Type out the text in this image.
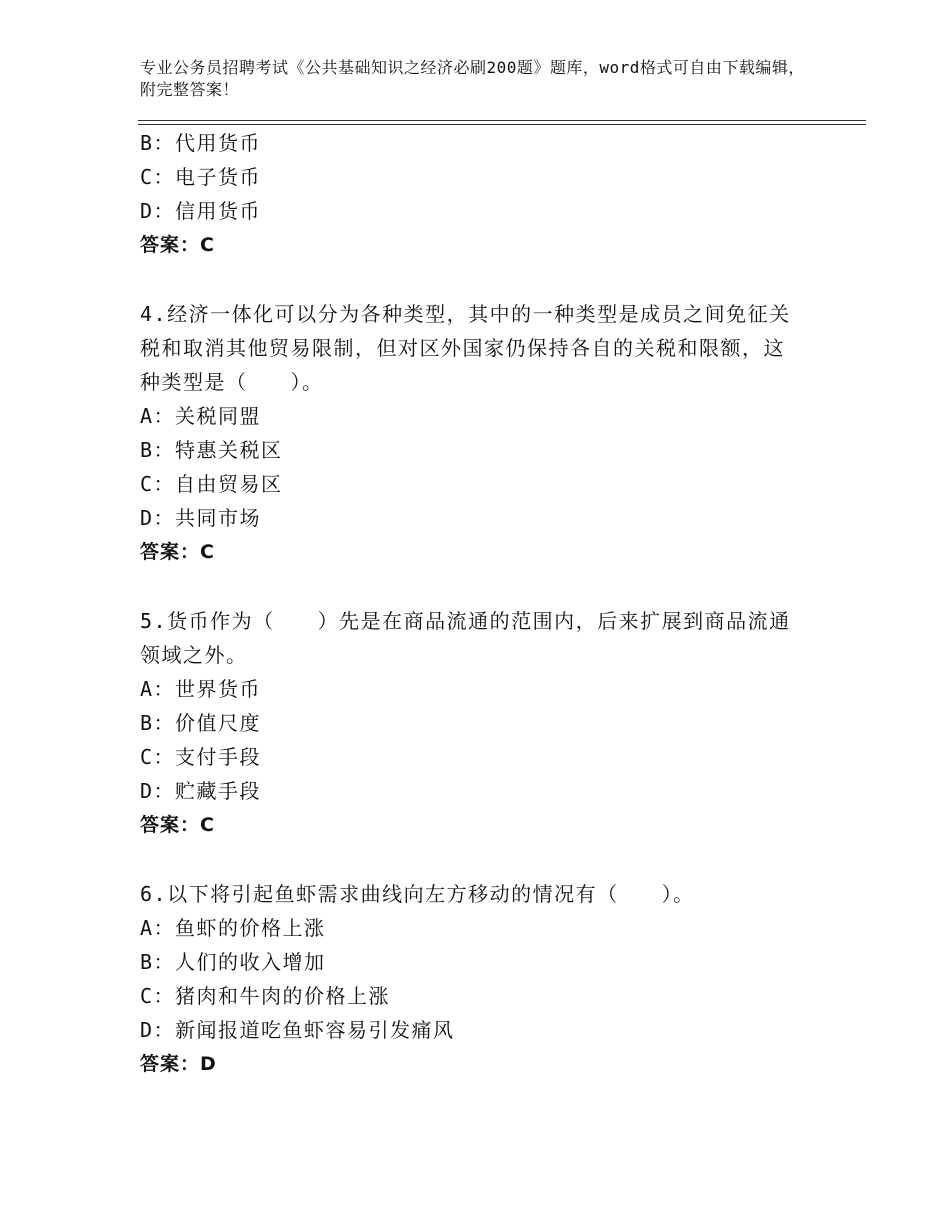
专业公务员招聘考试《公共基础知识之经济必刷200题》题库，word格式可自由下载编辑，附完整答案！
B：代用货币
C：电子货币
D：信用货币
答案：C
4.经济一体化可以分为各种类型，其中的一种类型是成员之间免征关税和取消其他贸易限制，但对区外国家仍保持各自的关税和限额，这种类型是（　　）。
A：关税同盟
B：特惠关税区
C：自由贸易区
D：共同市场
答案：C
5.货币作为（　　）先是在商品流通的范围内，后来扩展到商品流通领域之外。
A：世界货币
B：价值尺度
C：支付手段
D：贮藏手段
答案：C
6.以下将引起鱼虾需求曲线向左方移动的情况有（　　）。
A：鱼虾的价格上涨
B：人们的收入增加
C：猪肉和牛肉的价格上涨
D：新闻报道吃鱼虾容易引发痛风
答案：D
